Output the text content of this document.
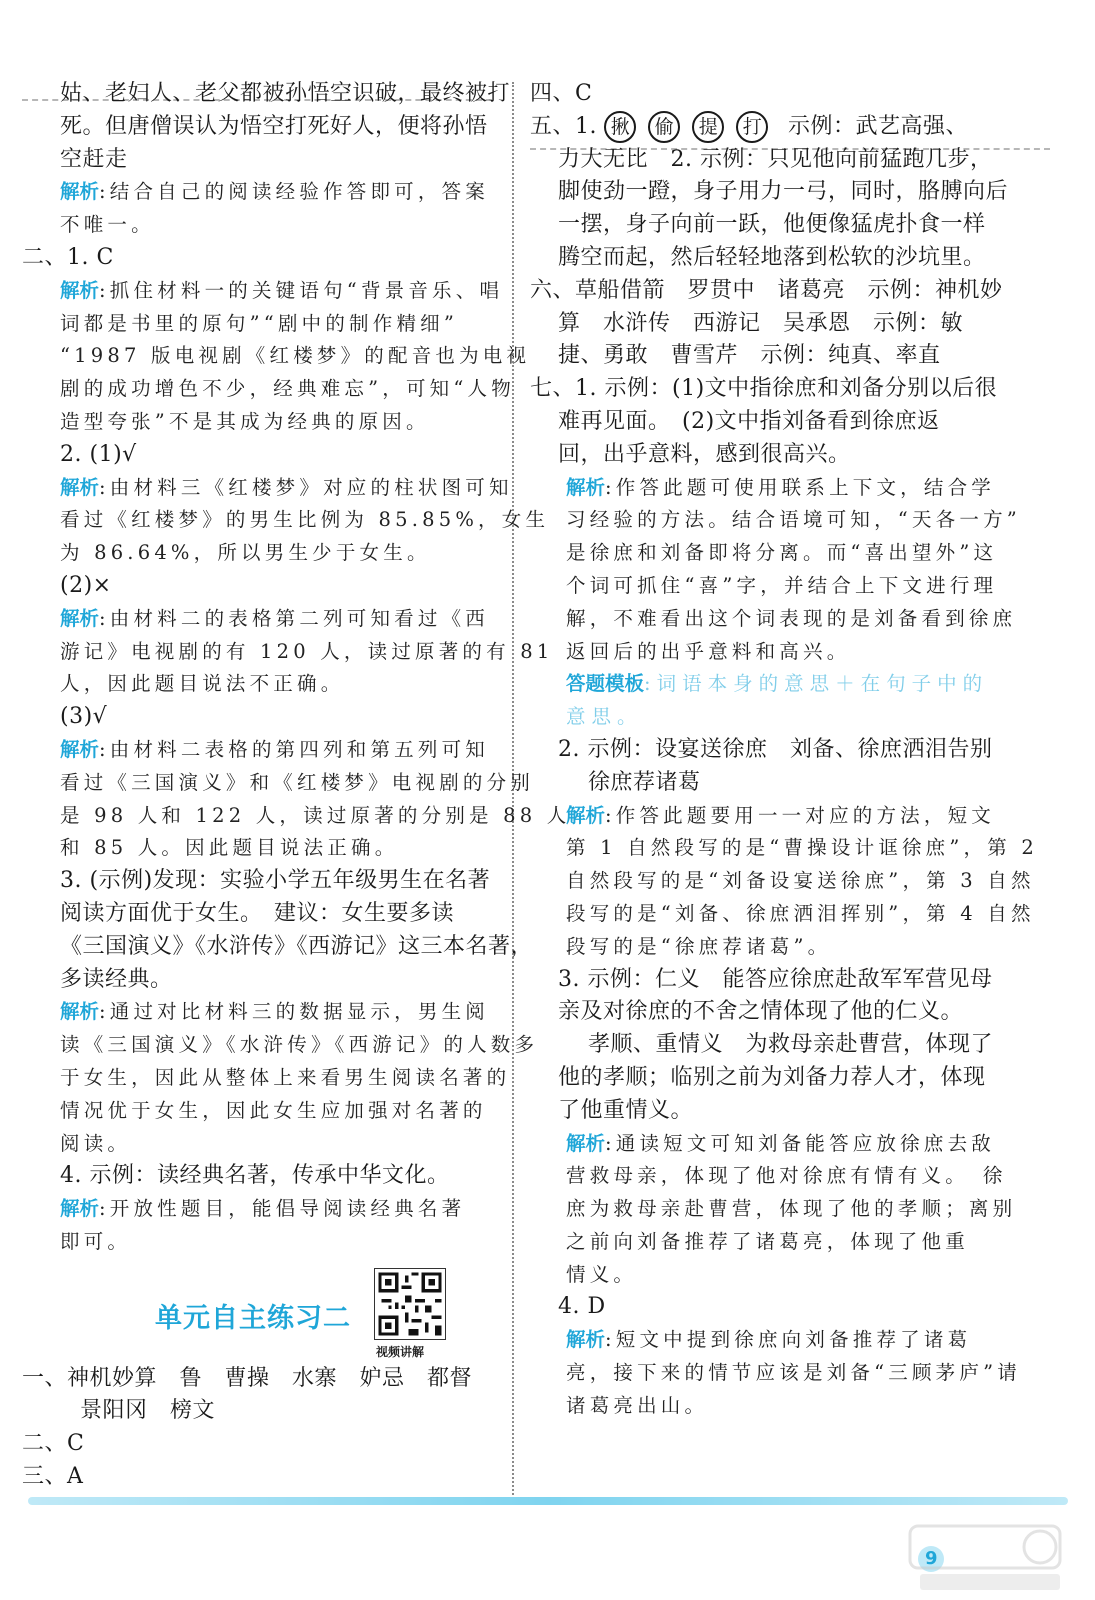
姑、老妇人、老父都被孙悟空识破，最终被打
死。但唐僧误认为悟空打死好人，便将孙悟
空赶走
解析:结合自己的阅读经验作答即可，答案
不唯一。
二、1. C
解析:抓住材料一的关键语句“背景音乐、唱
词都是书里的原句”“剧中的制作精细”
“1987 版电视剧《红楼梦》的配音也为电视
剧的成功增色不少，经典难忘”，可知“人物
造型夸张”不是其成为经典的原因。
2. (1)√
解析:由材料三《红楼梦》对应的柱状图可知
看过《红楼梦》的男生比例为 85.85%，女生
为 86.64%，所以男生少于女生。
(2)×
解析:由材料二的表格第二列可知看过《西
游记》电视剧的有 120 人，读过原著的有 81
人，因此题目说法不正确。
(3)√
解析:由材料二表格的第四列和第五列可知
看过《三国演义》和《红楼梦》电视剧的分别
是 98 人和 122 人，读过原著的分别是 88 人
和 85 人。因此题目说法正确。
3. (示例)发现：实验小学五年级男生在名著
阅读方面优于女生。　建议：女生要多读
《三国演义》《水浒传》《西游记》这三本名著，
多读经典。
解析:通过对比材料三的数据显示，男生阅
读《三国演义》《水浒传》《西游记》的人数多
于女生，因此从整体上来看男生阅读名著的
情况优于女生，因此女生应加强对名著的
阅读。
4. 示例：读经典名著，传承中华文化。
解析:开放性题目，能倡导阅读经典名著
即可。
一、神机妙算　鲁　曹操　水寨　妒忌　都督
景阳冈　榜文
二、C
三、A
四、C
五、1. 揪 偷 提 打 示例：武艺高强、
力大无比　2. 示例：只见他向前猛跑几步，
脚使劲一蹬，身子用力一弓，同时，胳膊向后
一摆，身子向前一跃，他便像猛虎扑食一样
腾空而起，然后轻轻地落到松软的沙坑里。
六、草船借箭　罗贯中　诸葛亮　示例：神机妙
算　水浒传　西游记　吴承恩　示例：敏
捷、勇敢　曹雪芹　示例：纯真、率直
七、1. 示例：(1)文中指徐庶和刘备分别以后很
难再见面。　(2)文中指刘备看到徐庶返
回，出乎意料，感到很高兴。
解析:作答此题可使用联系上下文，结合学
习经验的方法。结合语境可知，“天各一方”
是徐庶和刘备即将分离。而“喜出望外”这
个词可抓住“喜”字，并结合上下文进行理
解，不难看出这个词表现的是刘备看到徐庶
返回后的出乎意料和高兴。
答题模板:词语本身的意思＋在句子中的
意思。
2. 示例：设宴送徐庶　刘备、徐庶洒泪告别
徐庶荐诸葛
解析:作答此题要用一一对应的方法，短文
第 1 自然段写的是“曹操设计诓徐庶”，第 2
自然段写的是“刘备设宴送徐庶”，第 3 自然
段写的是“刘备、徐庶洒泪挥别”，第 4 自然
段写的是“徐庶荐诸葛”。
3. 示例：仁义　能答应徐庶赴敌军军营见母
亲及对徐庶的不舍之情体现了他的仁义。
孝顺、重情义　为救母亲赴曹营，体现了
他的孝顺；临别之前为刘备力荐人才，体现
了他重情义。
解析:通读短文可知刘备能答应放徐庶去敌
营救母亲，体现了他对徐庶有情有义。　徐
庶为救母亲赴曹营，体现了他的孝顺；离别
之前向刘备推荐了诸葛亮，体现了他重
情义。
4. D
解析:短文中提到徐庶向刘备推荐了诸葛
亮，接下来的情节应该是刘备“三顾茅庐”请
诸葛亮出山。
单元自主练习二
视频讲解
9
